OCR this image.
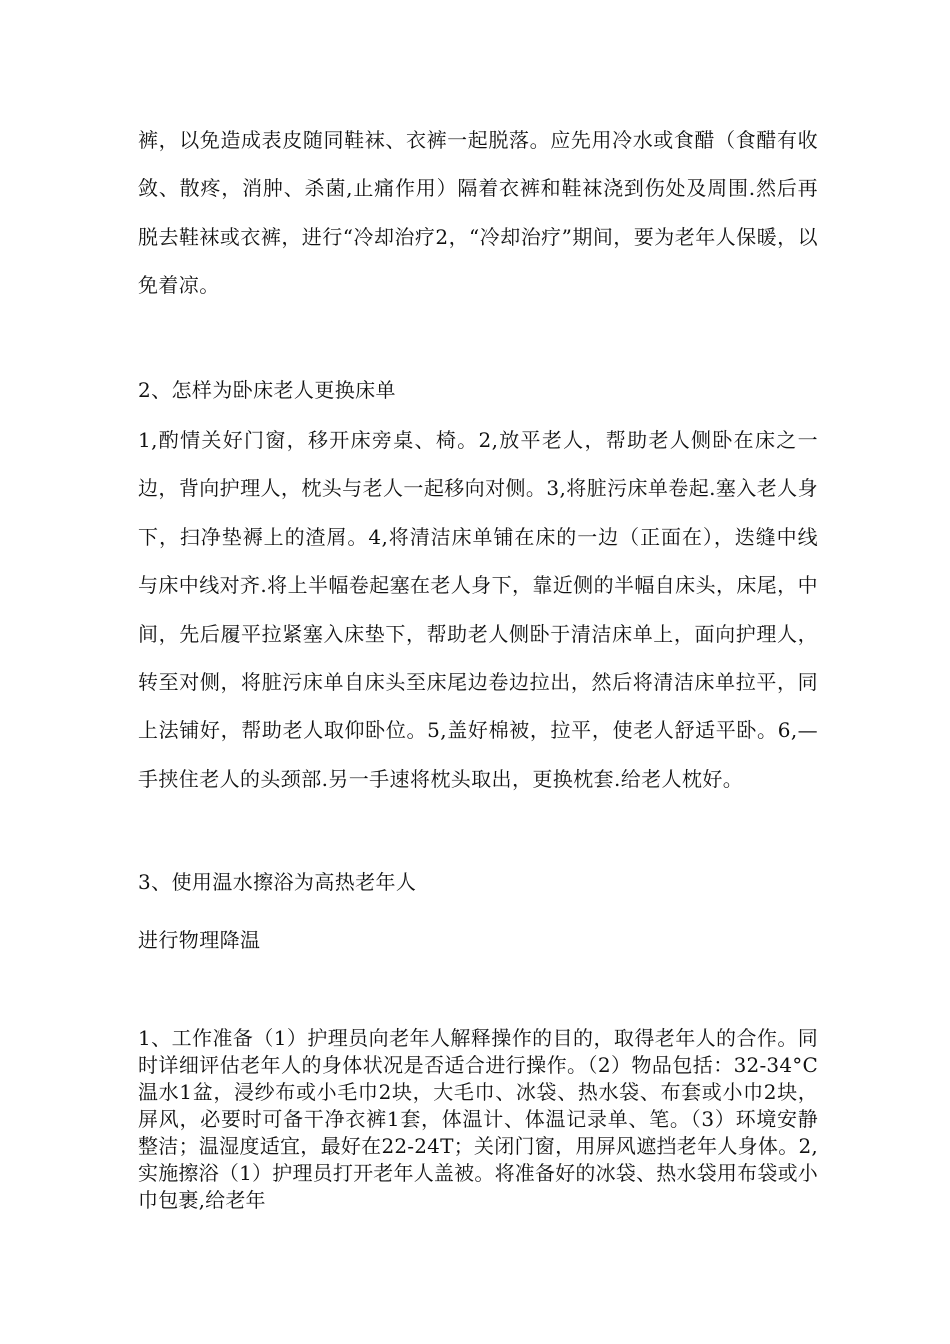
裤，以免造成表皮随同鞋袜、衣裤一起脱落。应先用冷水或食醋（食醋有收敛、散疼，消肿、杀菌,止痛作用）隔着衣裤和鞋袜浇到伤处及周围.然后再脱去鞋袜或衣裤，进行“冷却治疗2，“冷却治疗”期间，要为老年人保暖，以免着凉。

2、怎样为卧床老人更换床单

1,酌情关好门窗，移开床旁桌、椅。2,放平老人，帮助老人侧卧在床之一边，背向护理人，枕头与老人一起移向对侧。3,将脏污床单卷起.塞入老人身下，扫净垫褥上的渣屑。4,将清洁床单铺在床的一边（正面在），迭缝中线与床中线对齐.将上半幅卷起塞在老人身下，靠近侧的半幅自床头，床尾，中间，先后履平拉紧塞入床垫下，帮助老人侧卧于清洁床单上，面向护理人，转至对侧，将脏污床单自床头至床尾边卷边拉出，然后将清洁床单拉平，同上法铺好，帮助老人取仰卧位。5,盖好棉被，拉平，使老人舒适平卧。6,—手挟住老人的头颈部.另一手速将枕头取出，更换枕套.给老人枕好。

3、使用温水擦浴为高热老年人

进行物理降温

1、工作准备（1）护理员向老年人解释操作的目的，取得老年人的合作。同时详细评估老年人的身体状况是否适合进行操作。（2）物品包括：32-34°C温水1盆，浸纱布或小毛巾2块，大毛巾、冰袋、热水袋、布套或小巾2块，屏风，必要时可备干净衣裤1套，体温计、体温记录单、笔。（3）环境安静整洁；温湿度适宜，最好在22-24T；关闭门窗，用屏风遮挡老年人身体。2,实施擦浴（1）护理员打开老年人盖被。将准备好的冰袋、热水袋用布袋或小巾包裹,给老年
